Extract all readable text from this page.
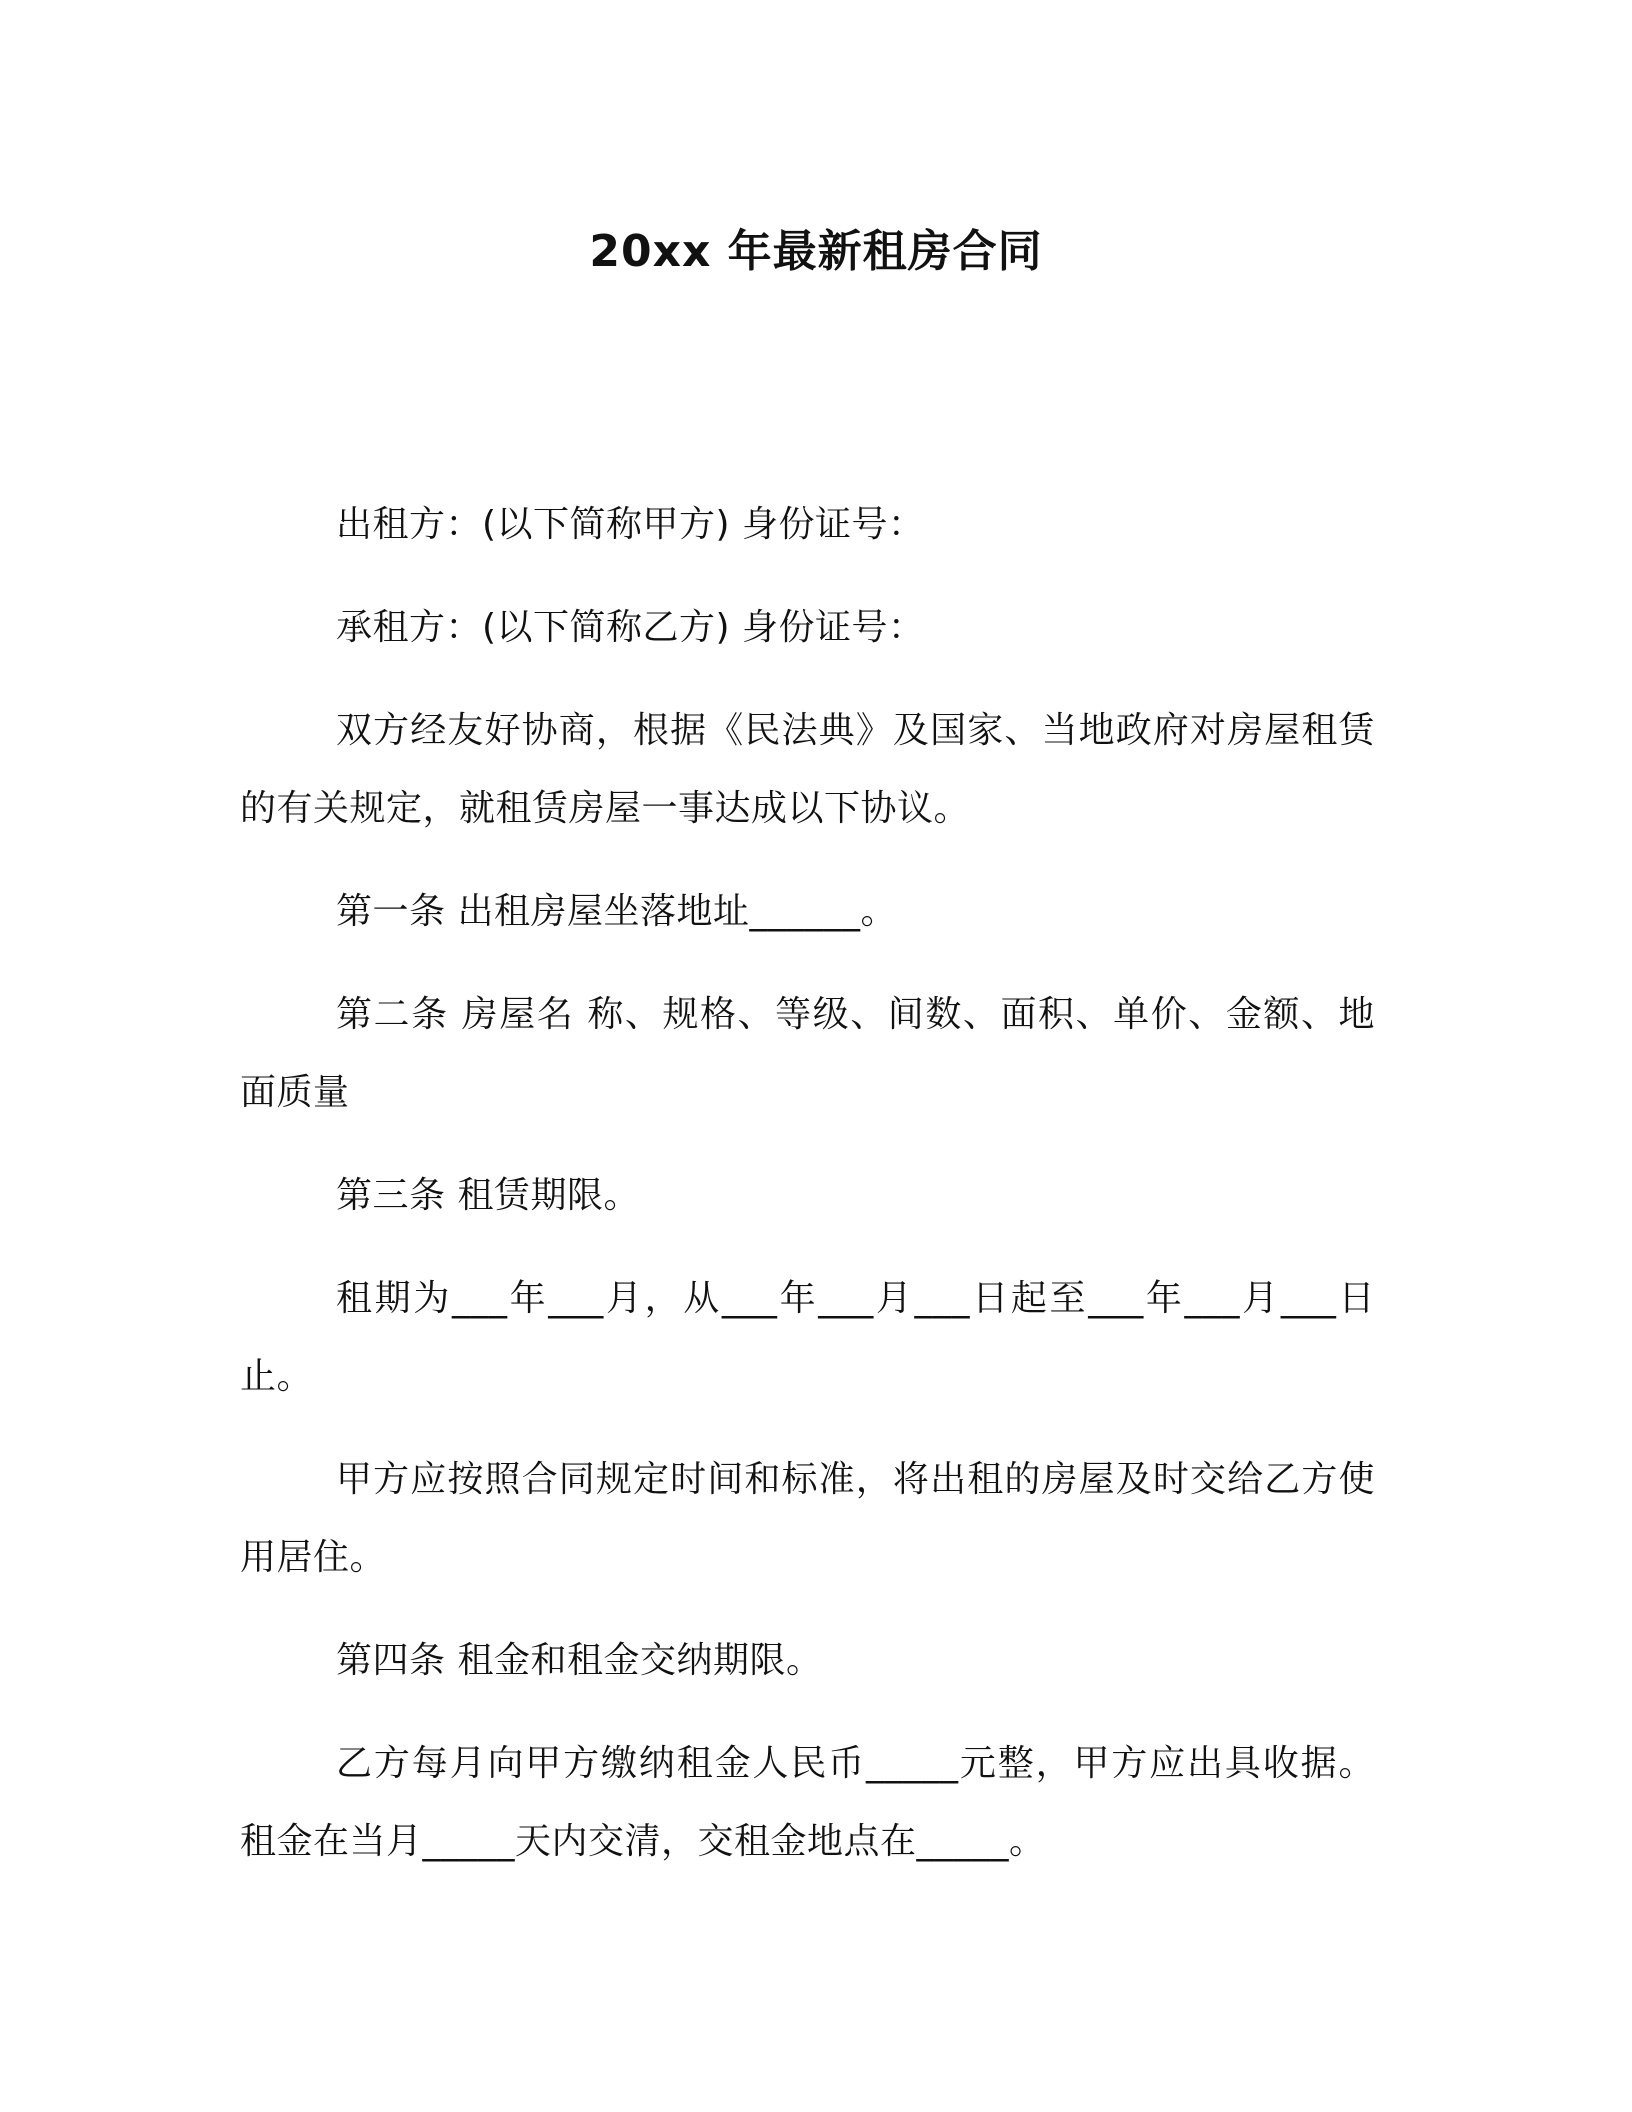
20xx 年最新租房合同

出租方：(以下简称甲方) 身份证号：

承租方：(以下简称乙方) 身份证号：

双方经友好协商，根据《民法典》及国家、当地政府对房屋租赁的有关规定，就租赁房屋一事达成以下协议。

第一条 出租房屋坐落地址______。

第二条 房屋名 称、规格、等级、间数、面积、单价、金额、地面质量

第三条 租赁期限。

租期为___年___月，从___年___月___日起至___年___月___日止。

甲方应按照合同规定时间和标准，将出租的房屋及时交给乙方使用居住。

第四条 租金和租金交纳期限。

乙方每月向甲方缴纳租金人民币_____元整，甲方应出具收据。租金在当月_____天内交清，交租金地点在_____。
